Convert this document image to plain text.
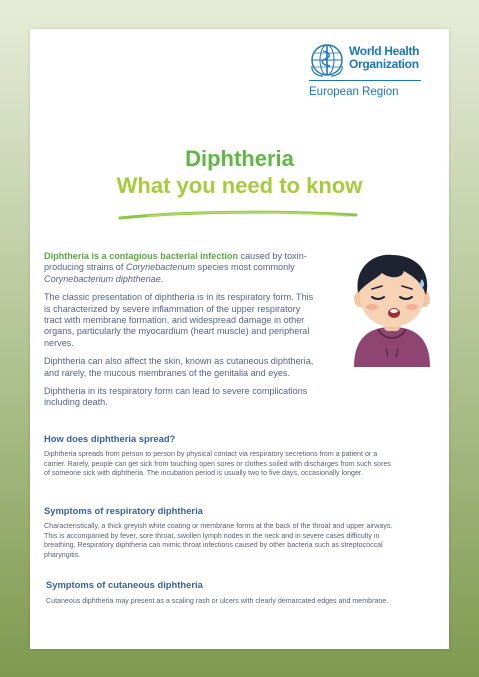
World Health
Organization
European Region
Diphtheria
What you need to know

Diphtheria is a contagious bacterial infection caused by toxin-producing strains of Corynebacterium species most commonly Corynebacterium diphtheriae.

The classic presentation of diphtheria is in its respiratory form. This is characterized by severe inflammation of the upper respiratory tract with membrane formation, and widespread damage in other organs, particularly the myocardium (heart muscle) and peripheral nerves.

Diphtheria can also affect the skin, known as cutaneous diphtheria, and rarely, the mucous membranes of the genitalia and eyes.

Diphtheria in its respiratory form can lead to severe complications including death.

How does diphtheria spread?

Diphtheria spreads from person to person by physical contact via respiratory secretions from a patient or a carrier. Rarely, people can get sick from touching open sores or clothes soiled with discharges from such sores of someone sick with diphtheria. The incubation period is usually two to five days, occasionally longer.

Symptoms of respiratory diphtheria

Characteristically, a thick greyish white coating or membrane forms at the back of the throat and upper airways. This is accompanied by fever, sore throat, swollen lymph nodes in the neck and in severe cases difficulty in breathing. Respiratory diphtheria can mimic throat infections caused by other bacteria such as streptococcal pharyngitis.

Symptoms of cutaneous diphtheria

Cutaneous diphtheria may present as a scaling rash or ulcers with clearly demarcated edges and membrane.
